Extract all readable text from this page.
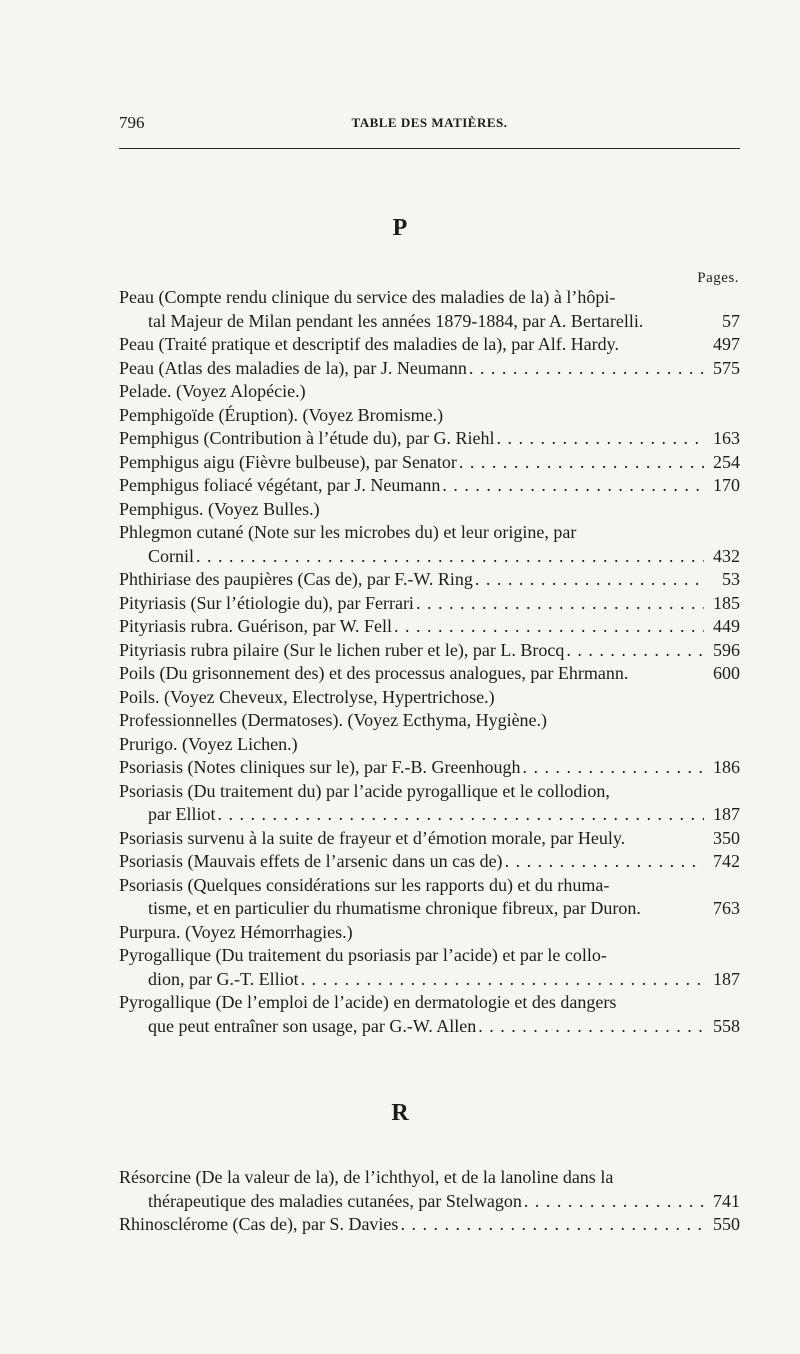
796	TABLE DES MATIÈRES.
P
Pages.
Peau (Compte rendu clinique du service des maladies de la) à l’hôpi-
tal Majeur de Milan pendant les années 1879-1884, par A. Bertarelli.	57
Peau (Traité pratique et descriptif des maladies de la), par Alf. Hardy.	497
Peau (Atlas des maladies de la), par J. Neumann . . .	575
Pelade. (Voyez Alopécie.)
Pemphigoïde (Éruption). (Voyez Bromisme.)
Pemphigus (Contribution à l’étude du), par G. Riehl . . .	163
Pemphigus aigu (Fièvre bulbeuse), par Senator . . .	254
Pemphigus foliacé végétant, par J. Neumann . . .	170
Pemphigus. (Voyez Bulles.)
Phlegmon cutané (Note sur les microbes du) et leur origine, par
Cornil . . .	432
Phthiriase des paupières (Cas de), par F.-W. Ring . . .	53
Pityriasis (Sur l’étiologie du), par Ferrari . . .	185
Pityriasis rubra. Guérison, par W. Fell . . .	449
Pityriasis rubra pilaire (Sur le lichen ruber et le), par L. Brocq . . .	596
Poils (Du grisonnement des) et des processus analogues, par Ehrmann.	600
Poils. (Voyez Cheveux, Electrolyse, Hypertrichose.)
Professionnelles (Dermatoses). (Voyez Ecthyma, Hygiène.)
Prurigo. (Voyez Lichen.)
Psoriasis (Notes cliniques sur le), par F.-B. Greenhough . . .	186
Psoriasis (Du traitement du) par l’acide pyrogallique et le collodion,
par Elliot . . .	187
Psoriasis survenu à la suite de frayeur et d’émotion morale, par Heuly.	350
Psoriasis (Mauvais effets de l’arsenic dans un cas de) . . .	742
Psoriasis (Quelques considérations sur les rapports du) et du rhuma-
tisme, et en particulier du rhumatisme chronique fibreux, par Duron.	763
Purpura. (Voyez Hémorrhagies.)
Pyrogallique (Du traitement du psoriasis par l’acide) et par le collo-
dion, par G.-T. Elliot . . .	187
Pyrogallique (De l’emploi de l’acide) en dermatologie et des dangers
que peut entraîner son usage, par G.-W. Allen . . .	558
R
Résorcine (De la valeur de la), de l’ichthyol, et de la lanoline dans la
thérapeutique des maladies cutanées, par Stelwagon . . .	741
Rhinosclérome (Cas de), par S. Davies . . .	550
